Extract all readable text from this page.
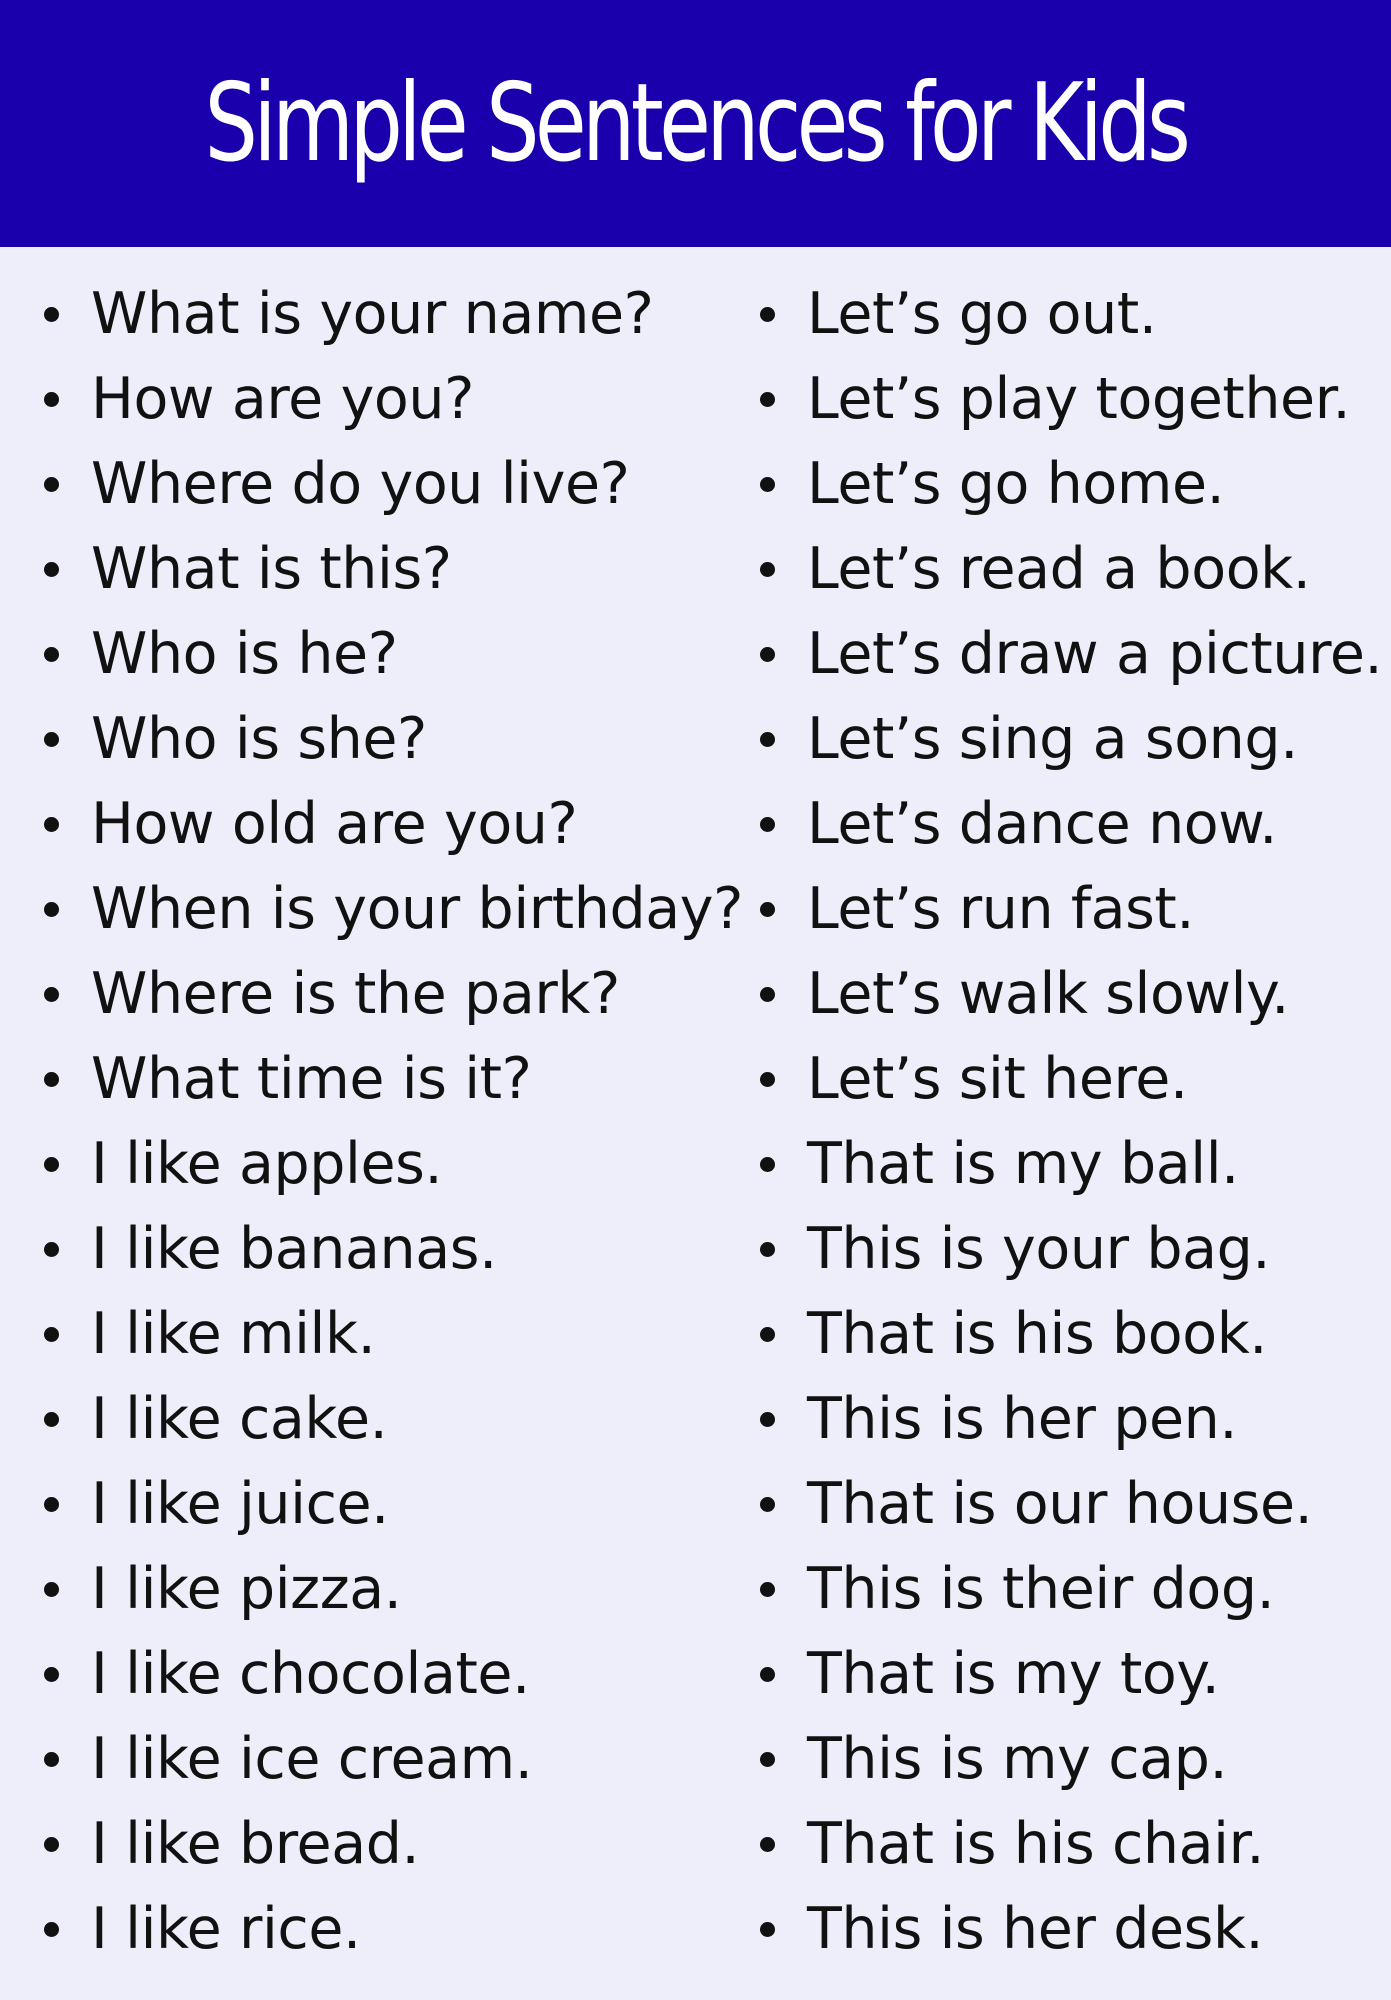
Simple Sentences for Kids
What is your name?
How are you?
Where do you live?
What is this?
Who is he?
Who is she?
How old are you?
When is your birthday?
Where is the park?
What time is it?
I like apples.
I like bananas.
I like milk.
I like cake.
I like juice.
I like pizza.
I like chocolate.
I like ice cream.
I like bread.
I like rice.
Let’s go out.
Let’s play together.
Let’s go home.
Let’s read a book.
Let’s draw a picture.
Let’s sing a song.
Let’s dance now.
Let’s run fast.
Let’s walk slowly.
Let’s sit here.
That is my ball.
This is your bag.
That is his book.
This is her pen.
That is our house.
This is their dog.
That is my toy.
This is my cap.
That is his chair.
This is her desk.
